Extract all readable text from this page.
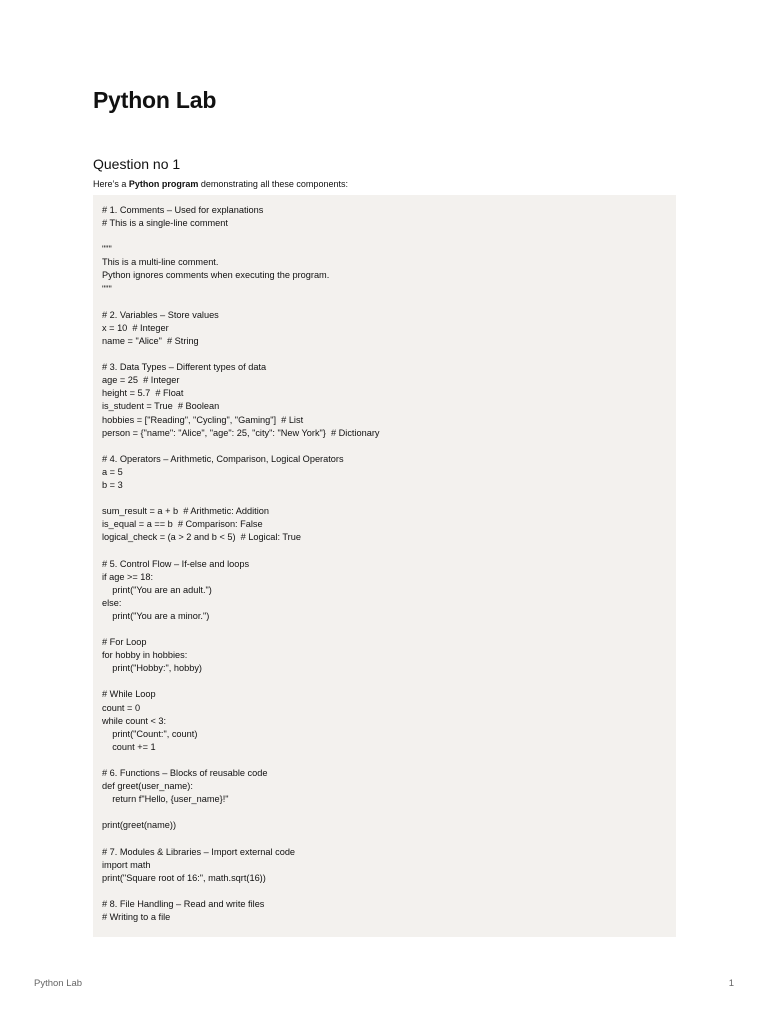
Python Lab
Question no 1

Here’s a Python program demonstrating all these components:

# 1. Comments – Used for explanations
# This is a single-line comment
"""
This is a multi-line comment.
Python ignores comments when executing the program.
"""
# 2. Variables – Store values
x = 10  # Integer
name = "Alice"  # String
# 3. Data Types – Different types of data
age = 25  # Integer
height = 5.7  # Float
is_student = True  # Boolean
hobbies = ["Reading", "Cycling", "Gaming"]  # List
person = {"name": "Alice", "age": 25, "city": "New York"}  # Dictionary
# 4. Operators – Arithmetic, Comparison, Logical Operators
a = 5
b = 3
sum_result = a + b  # Arithmetic: Addition
is_equal = a == b  # Comparison: False
logical_check = (a > 2 and b < 5)  # Logical: True
# 5. Control Flow – If-else and loops
if age >= 18:
print("You are an adult.")
else:
print("You are a minor.")
# For Loop
for hobby in hobbies:
print("Hobby:", hobby)
# While Loop
count = 0
while count < 3:
print("Count:", count)
count += 1
# 6. Functions – Blocks of reusable code
def greet(user_name):
return f"Hello, {user_name}!"
print(greet(name))
# 7. Modules & Libraries – Import external code
import math
print("Square root of 16:", math.sqrt(16))
# 8. File Handling – Read and write files
# Writing to a file
Python Lab	1
